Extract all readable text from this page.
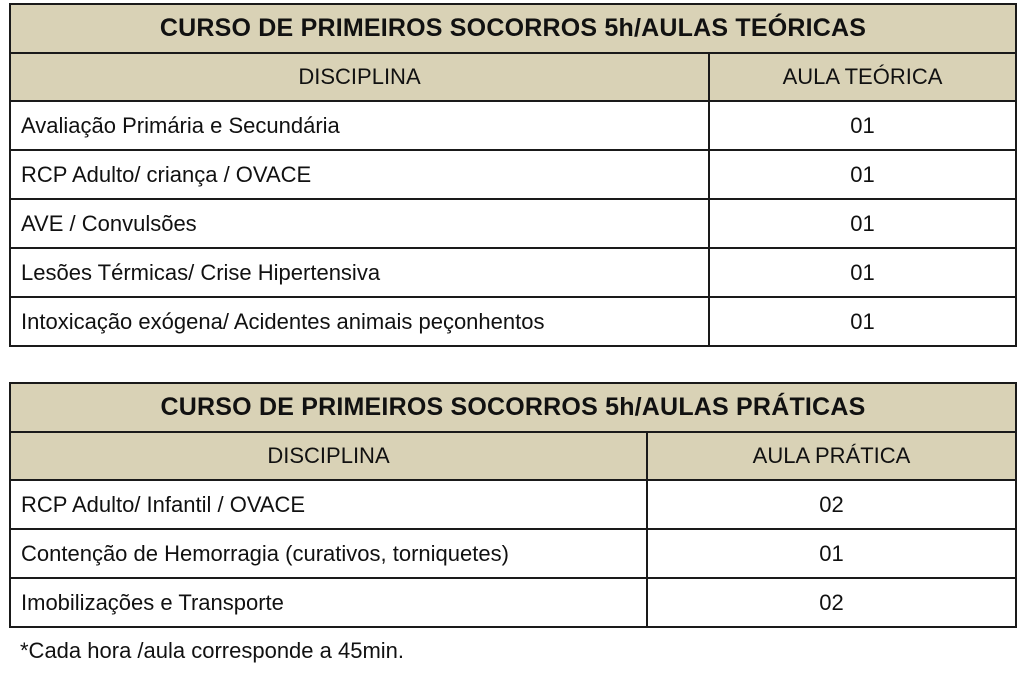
CURSO DE PRIMEIROS SOCORROS 5h/AULAS TEÓRICAS	
DISCIPLINA	AULA TEÓRICA
Avaliação Primária e Secundária	01
RCP Adulto/ criança / OVACE	01
AVE / Convulsões	01
Lesões Térmicas/ Crise Hipertensiva	01
Intoxicação exógena/ Acidentes animais peçonhentos	01
CURSO DE PRIMEIROS SOCORROS 5h/AULAS PRÁTICAS	
DISCIPLINA	AULA PRÁTICA
RCP Adulto/ Infantil / OVACE	02
Contenção de Hemorragia (curativos, torniquetes)	01
Imobilizações e Transporte	02
*Cada hora /aula corresponde a 45min.
